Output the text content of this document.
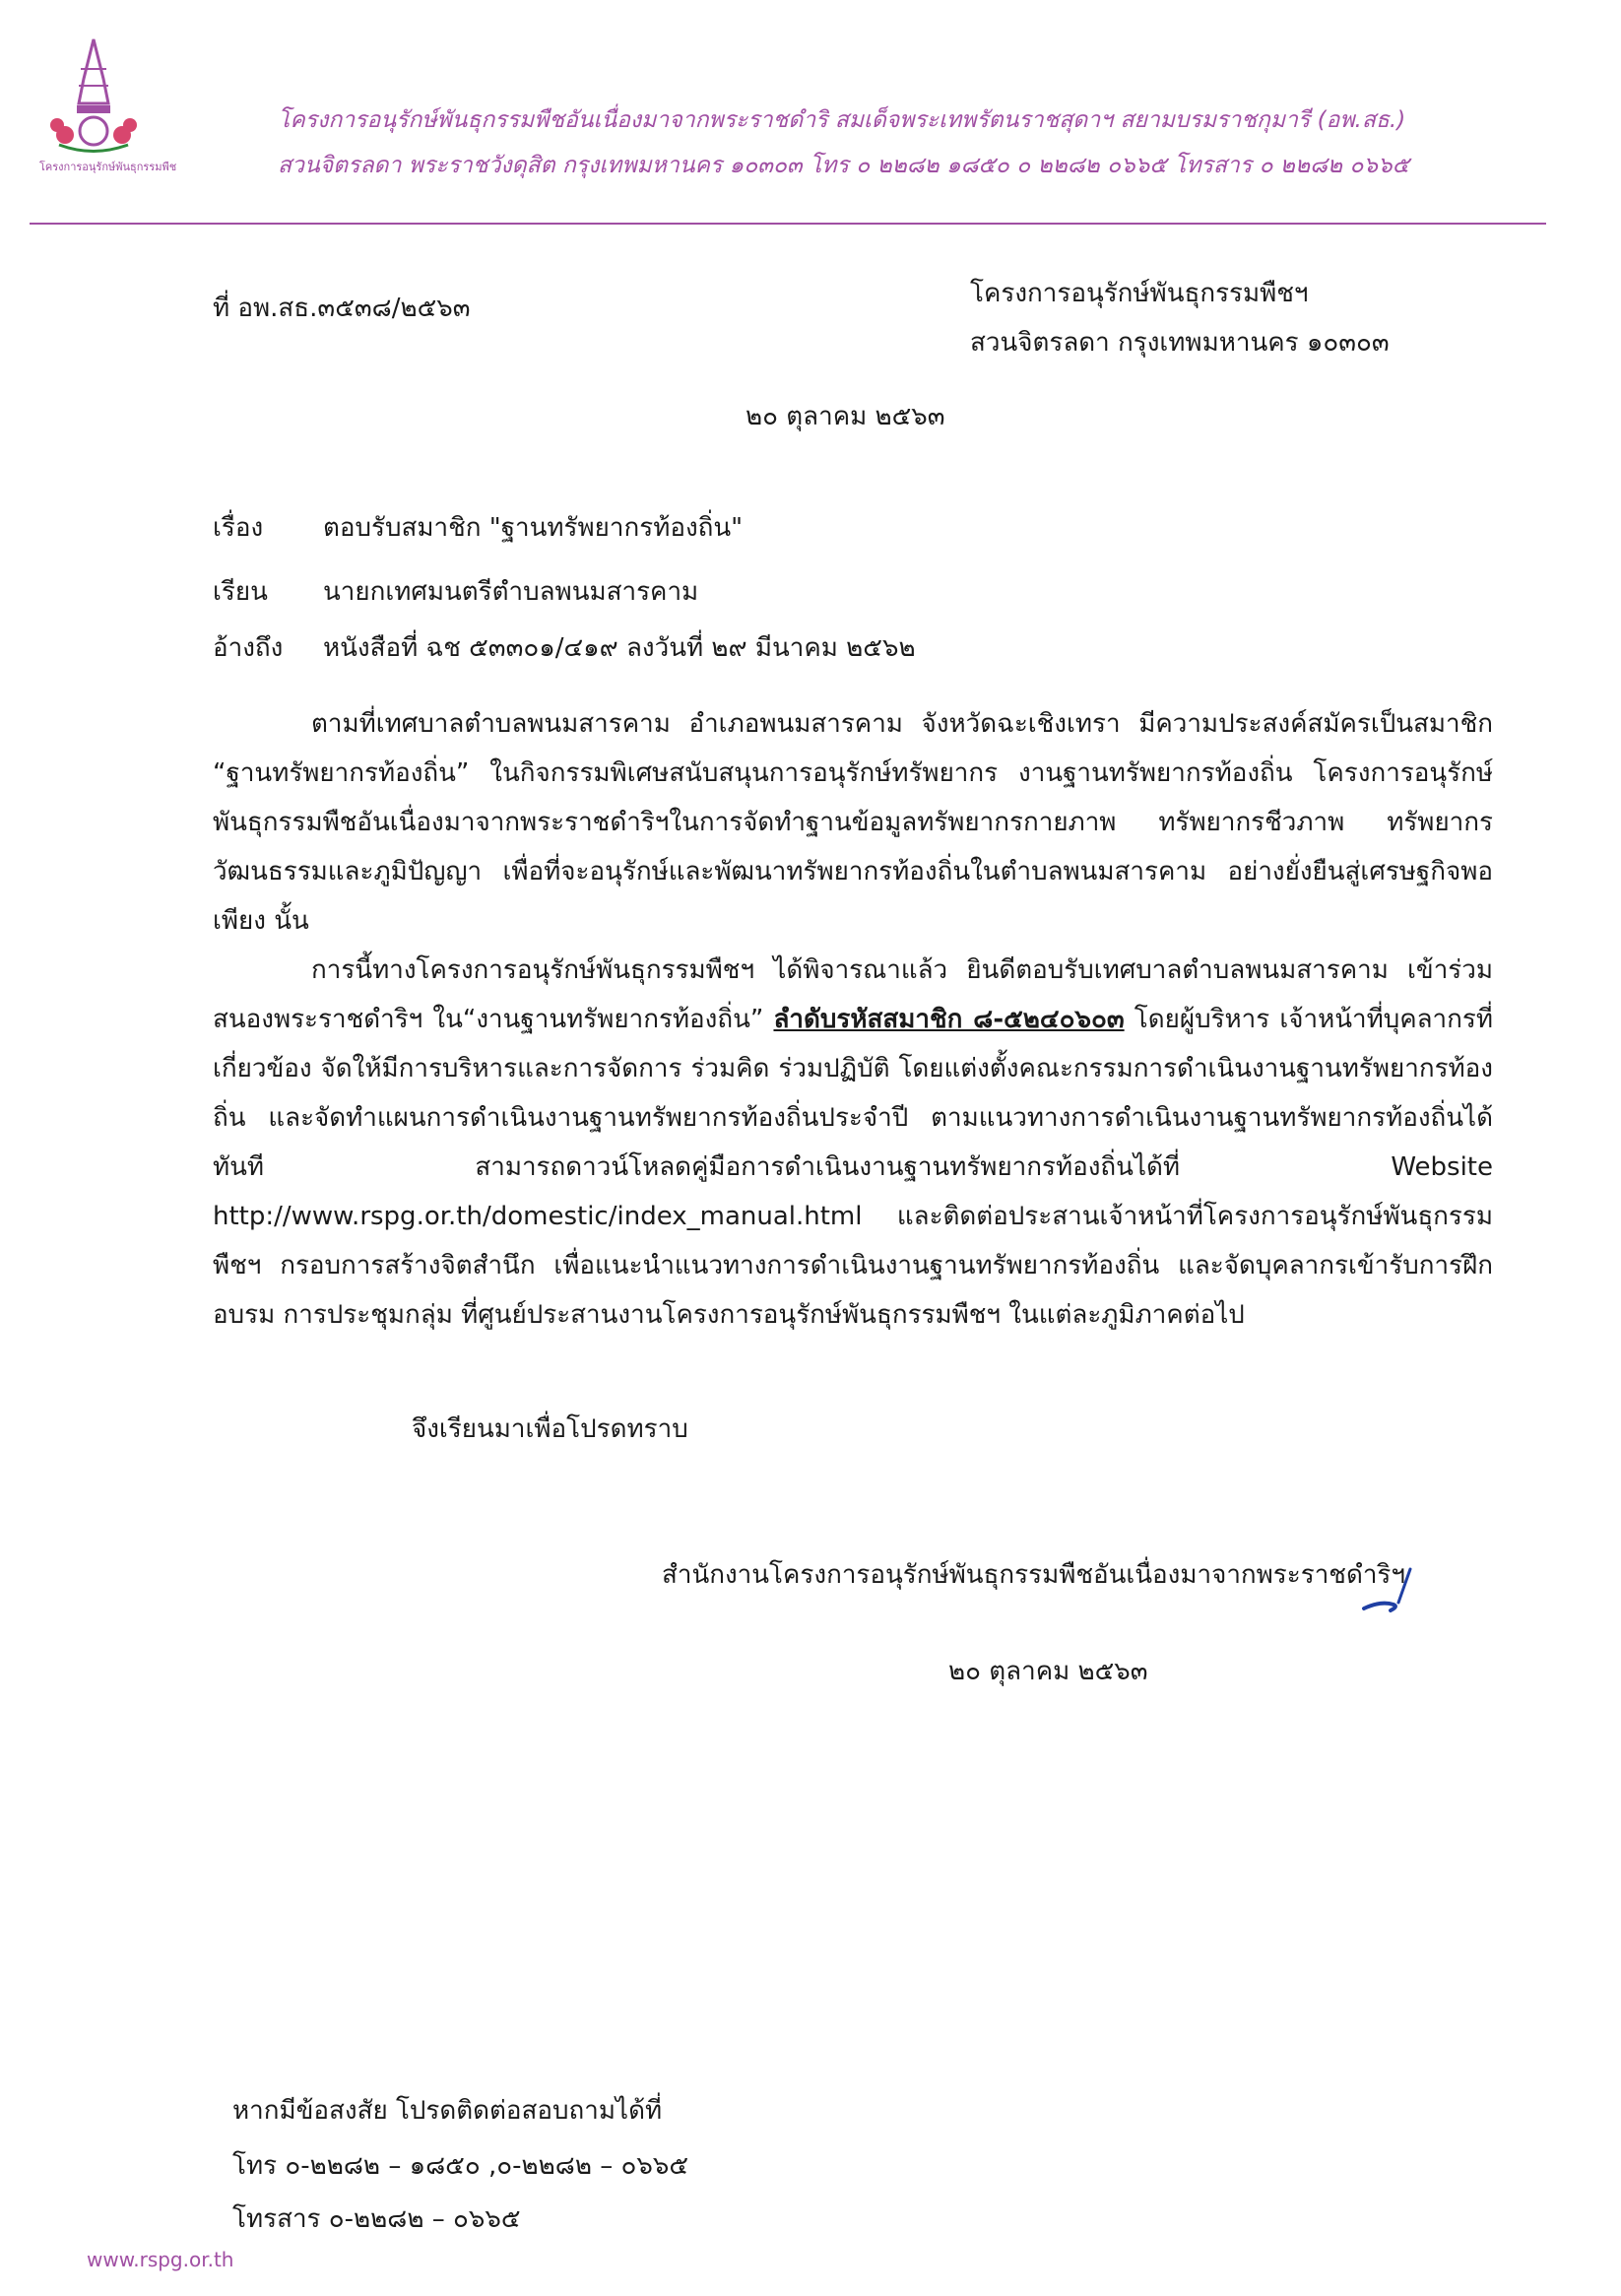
โครงการอนุรักษ์พันธุกรรมพืช
โครงการอนุรักษ์พันธุกรรมพืชอันเนื่องมาจากพระราชดำริ สมเด็จพระเทพรัตนราชสุดาฯ สยามบรมราชกุมารี (อพ.สธ.)
สวนจิตรลดา พระราชวังดุสิต กรุงเทพมหานคร ๑๐๓๐๓ โทร ๐ ๒๒๘๒ ๑๘๕๐ ๐ ๒๒๘๒ ๐๖๖๕ โทรสาร ๐ ๒๒๘๒ ๐๖๖๕
ที่ อพ.สธ.๓๕๓๘/๒๕๖๓	โครงการอนุรักษ์พันธุกรรมพืชฯ
สวนจิตรลดา กรุงเทพมหานคร ๑๐๓๐๓
๒๐ ตุลาคม ๒๕๖๓
เรื่อง ตอบรับสมาชิก "ฐานทรัพยากรท้องถิ่น"
เรียน นายกเทศมนตรีตำบลพนมสารคาม
อ้างถึง หนังสือที่ ฉช ๕๓๓๐๑/๔๑๙ ลงวันที่ ๒๙ มีนาคม ๒๕๖๒

ตามที่เทศบาลตำบลพนมสารคาม อำเภอพนมสารคาม จังหวัดฉะเชิงเทรา มีความประสงค์สมัครเป็นสมาชิก “ฐานทรัพยากรท้องถิ่น” ในกิจกรรมพิเศษสนับสนุนการอนุรักษ์ทรัพยากร งานฐานทรัพยากรท้องถิ่น โครงการอนุรักษ์พันธุกรรมพืชอันเนื่องมาจากพระราชดำริฯในการจัดทำฐานข้อมูลทรัพยากรกายภาพ ทรัพยากรชีวภาพ ทรัพยากรวัฒนธรรมและภูมิปัญญา เพื่อที่จะอนุรักษ์และพัฒนาทรัพยากรท้องถิ่นในตำบลพนมสารคาม อย่างยั่งยืนสู่เศรษฐกิจพอเพียง นั้น

การนี้ทางโครงการอนุรักษ์พันธุกรรมพืชฯ ได้พิจารณาแล้ว ยินดีตอบรับเทศบาลตำบลพนมสารคาม เข้าร่วมสนองพระราชดำริฯ ใน“งานฐานทรัพยากรท้องถิ่น” ลำดับรหัสสมาชิก ๘-๕๒๔๐๖๐๓ โดยผู้บริหาร เจ้าหน้าที่บุคลากรที่เกี่ยวข้อง จัดให้มีการบริหารและการจัดการ ร่วมคิด ร่วมปฏิบัติ โดยแต่งตั้งคณะกรรมการดำเนินงานฐานทรัพยากรท้องถิ่น และจัดทำแผนการดำเนินงานฐานทรัพยากรท้องถิ่นประจำปี ตามแนวทางการดำเนินงานฐานทรัพยากรท้องถิ่นได้ทันที สามารถดาวน์โหลดคู่มือการดำเนินงานฐานทรัพยากรท้องถิ่นได้ที่ Website http://www.rspg.or.th/domestic/index_manual.html และติดต่อประสานเจ้าหน้าที่โครงการอนุรักษ์พันธุกรรมพืชฯ กรอบการสร้างจิตสำนึก เพื่อแนะนำแนวทางการดำเนินงานฐานทรัพยากรท้องถิ่น และจัดบุคลากรเข้ารับการฝึกอบรม การประชุมกลุ่ม ที่ศูนย์ประสานงานโครงการอนุรักษ์พันธุกรรมพืชฯ ในแต่ละภูมิภาคต่อไป

จึงเรียนมาเพื่อโปรดทราบ
สำนักงานโครงการอนุรักษ์พันธุกรรมพืชอันเนื่องมาจากพระราชดำริฯ
๒๐ ตุลาคม ๒๕๖๓
หากมีข้อสงสัย โปรดติดต่อสอบถามได้ที่
โทร ๐-๒๒๘๒ – ๑๘๕๐ ,๐-๒๒๘๒ – ๐๖๖๕
โทรสาร ๐-๒๒๘๒ – ๐๖๖๕
www.rspg.or.th
